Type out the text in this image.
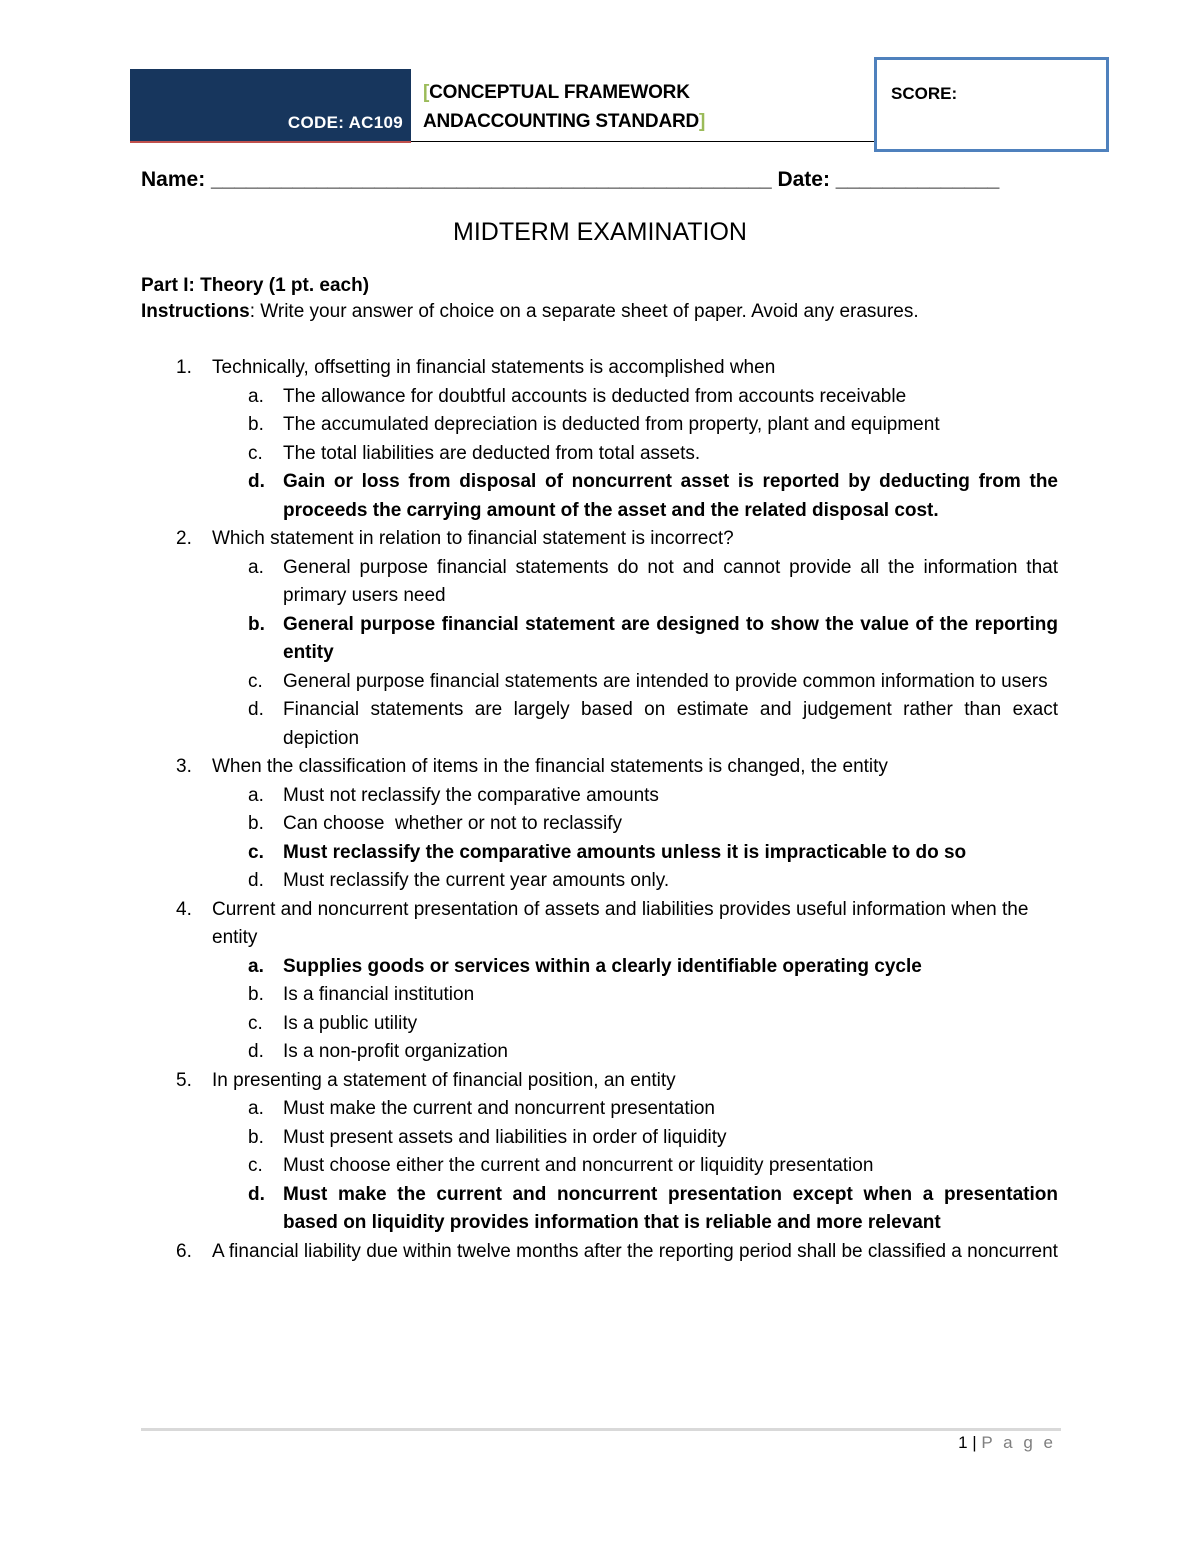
CODE: AC109
[CONCEPTUAL FRAMEWORK
ANDACCOUNTING STANDARD]
SCORE:
Name: ________________________________________________ Date: ______________
MIDTERM EXAMINATION
Part I: Theory (1 pt. each)
Instructions: Write your answer of choice on a separate sheet of paper. Avoid any erasures.
1. Technically, offsetting in financial statements is accomplished when
a. The allowance for doubtful accounts is deducted from accounts receivable
b. The accumulated depreciation is deducted from property, plant and equipment
c. The total liabilities are deducted from total assets.
d. Gain or loss from disposal of noncurrent asset is reported by deducting from the proceeds the carrying amount of the asset and the related disposal cost.
2. Which statement in relation to financial statement is incorrect?
a. General purpose financial statements do not and cannot provide all the information that primary users need
b. General purpose financial statement are designed to show the value of the reporting entity
c. General purpose financial statements are intended to provide common information to users
d. Financial statements are largely based on estimate and judgement rather than exact depiction
3. When the classification of items in the financial statements is changed, the entity
a. Must not reclassify the comparative amounts
b. Can choose  whether or not to reclassify
c. Must reclassify the comparative amounts unless it is impracticable to do so
d. Must reclassify the current year amounts only.
4. Current and noncurrent presentation of assets and liabilities provides useful information when the entity
a. Supplies goods or services within a clearly identifiable operating cycle
b. Is a financial institution
c. Is a public utility
d. Is a non-profit organization
5. In presenting a statement of financial position, an entity
a. Must make the current and noncurrent presentation
b. Must present assets and liabilities in order of liquidity
c. Must choose either the current and noncurrent or liquidity presentation
d. Must make the current and noncurrent presentation except when a presentation based on liquidity provides information that is reliable and more relevant
6. A financial liability due within twelve months after the reporting period shall be classified a noncurrent
1 | P a g e
